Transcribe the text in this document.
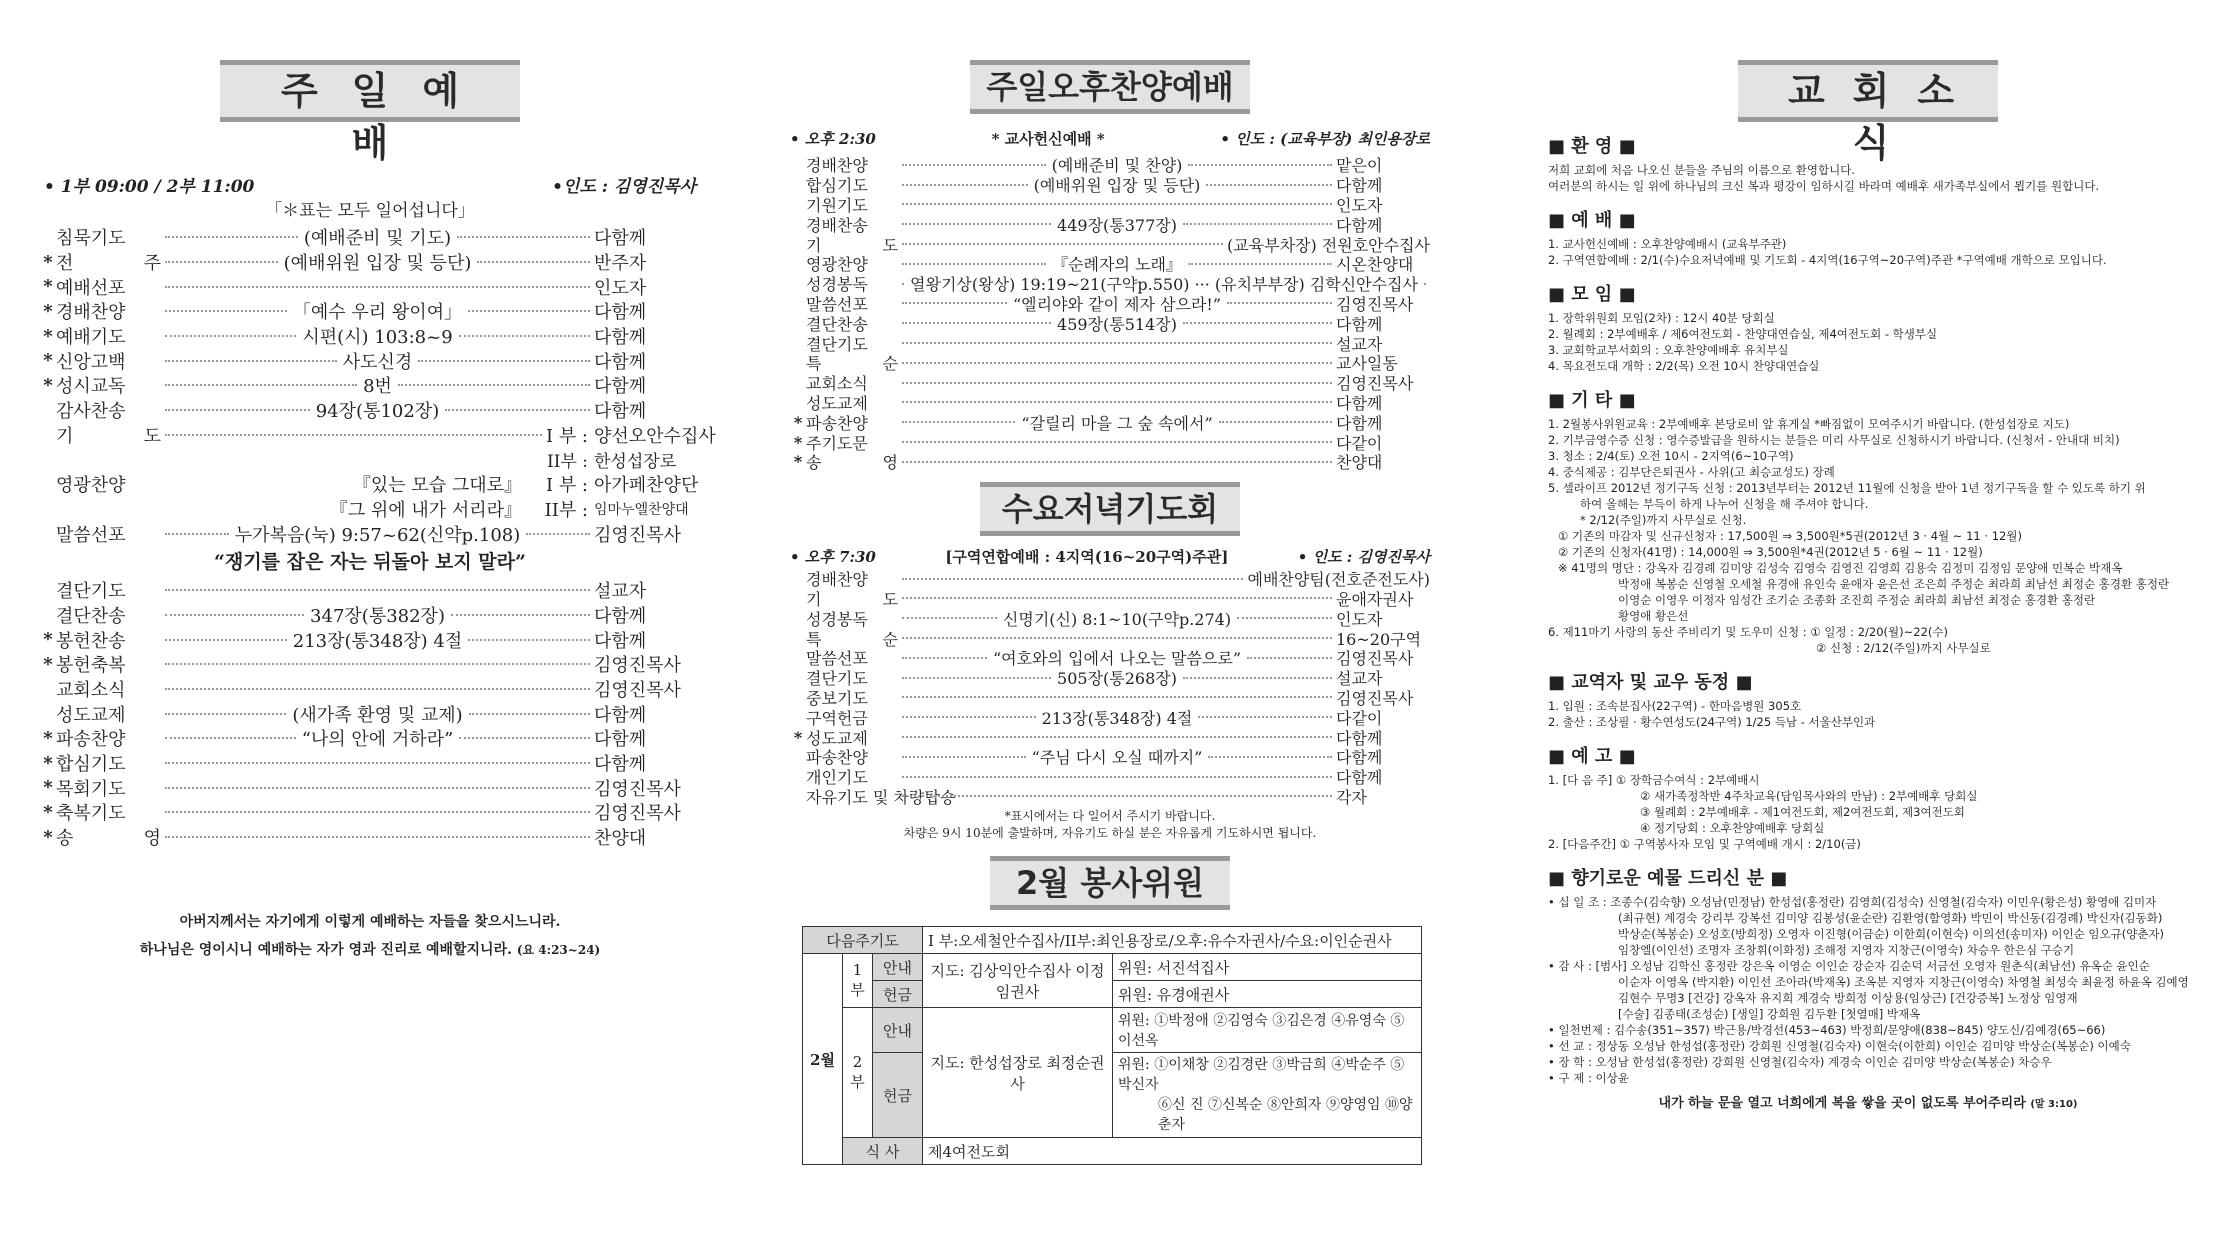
주일예배
• 1부 09:00 / 2부 11:00	•인도 : 김영진목사
「＊표는 모두 일어섭니다」
침묵기도	(예배준비 및 기도)	다함께
* 전 주	(예배위원 입장 및 등단)	반주자
* 예배선포	인도자
* 경배찬양	「예수 우리 왕이여」	다함께
* 예배기도	시편(시) 103:8~9	다함께
* 신앙고백	사도신경	다함께
* 성시교독	8번	다함께
감사찬송	94장(통102장)	다함께
기 도	I 부 : 양선오안수집사
II부 : 한성섭장로
영광찬양	『있는 모습 그대로』	I 부 : 아가페찬양단
『그 위에 내가 서리라』	II부 : 임마누엘찬양대
말씀선포	누가복음(눅) 9:57~62(신약p.108)	김영진목사
“쟁기를 잡은 자는 뒤돌아 보지 말라”
결단기도	설교자
결단찬송	347장(통382장)	다함께
* 봉헌찬송	213장(통348장) 4절	다함께
* 봉헌축복	김영진목사
교회소식	김영진목사
성도교제	(새가족 환영 및 교제)	다함께
* 파송찬양	“나의 안에 거하라”	다함께
* 합심기도	다함께
* 목회기도	김영진목사
* 축복기도	김영진목사
* 송 영	찬양대
아버지께서는 자기에게 이렇게 예배하는 자들을 찾으시느니라.
하나님은 영이시니 예배하는 자가 영과 진리로 예배할지니라. (요 4:23~24)
주일오후찬양예배
• 오후 2:30	* 교사헌신예배 *	• 인도 : (교육부장) 최인용장로
경배찬양	(예배준비 및 찬양)	맡은이
합심기도	(예배위원 입장 및 등단)	다함께
기원기도	인도자
경배찬송	449장(통377장)	다함께
기 도	(교육부차장) 전원호안수집사
영광찬양	『순례자의 노래』	시온찬양대
성경봉독	열왕기상(왕상) 19:19~21(구약p.550) ··· (유치부부장) 김학신안수집사
말씀선포	“엘리야와 같이 제자 삼으라!”	김영진목사
결단찬송	459장(통514장)	다함께
결단기도	설교자
특 순	교사일동
교회소식	김영진목사
성도교제	다함께
* 파송찬양	“갈릴리 마을 그 숲 속에서”	다함께
* 주기도문	다같이
* 송 영	찬양대
수요저녁기도회
• 오후 7:30	[구역연합예배 : 4지역(16~20구역)주관]	• 인도 : 김영진목사
경배찬양	예배찬양팀(전호준전도사)
기 도	윤애자권사
성경봉독	신명기(신) 8:1~10(구약p.274)	인도자
특 순	16~20구역
말씀선포	“여호와의 입에서 나오는 말씀으로”	김영진목사
결단기도	505장(통268장)	설교자
중보기도	김영진목사
구역헌금	213장(통348장) 4절	다같이
* 성도교제	다함께
파송찬양	“주님 다시 오실 때까지”	다함께
개인기도	다함께
자유기도 및 차량탑승	각자
*표시에서는 다 일어서 주시기 바랍니다.
차량은 9시 10분에 출발하며, 자유기도 하실 분은 자유롭게 기도하시면 됩니다.
2월 봉사위원
다음주기도			I 부:오세철안수집사/II부:최인용장로/오후:유수자권사/수요:이인순권사	
2월	1부	안내	지도: 김상익안수집사 이정임권사	위원: 서진석집사
		헌금		위원: 유경애권사
	2부	안내	지도: 한성섭장로 최정순권사	위원: ①박정애 ②김영숙 ③김은경 ④유영숙 ⑤이선옥
		헌금		위원: ①이채창 ②김경란 ③박금희 ④박순주 ⑤박신자
⑥신 진 ⑦신복순 ⑧안희자 ⑨양영임 ⑩양춘자

	식 사		제4여전도회	
교회소식
■ 환 영 ■
저희 교회에 처음 나오신 분들을 주님의 이름으로 환영합니다.
여러분의 하시는 일 위에 하나님의 크신 복과 평강이 임하시길 바라며 예배후 새가족부실에서 뵙기를 원합니다.
■ 예 배 ■
1. 교사헌신예배 : 오후찬양예배시 (교육부주관)
2. 구역연합예배 : 2/1(수)수요저녁예배 및 기도회 - 4지역(16구역~20구역)주관 *구역예배 개학으로 모입니다.
■ 모 임 ■
1. 장학위원회 모임(2차) : 12시 40분 당회실
2. 월례회 : 2부예배후 / 제6여전도회 - 찬양대연습실, 제4여전도회 - 학생부실
3. 교회학교부서회의 : 오후찬양예배후 유치부실
4. 목요전도대 개학 : 2/2(목) 오전 10시 찬양대연습실
■ 기 타 ■
1. 2월봉사위원교육 : 2부예배후 본당로비 앞 휴게실 *빠짐없이 모여주시기 바랍니다. (한성섭장로 지도)
2. 기부금영수증 신청 : 영수증발급을 원하시는 분들은 미리 사무실로 신청하시기 바랍니다. (신청서 - 안내대 비치)
3. 청소 : 2/4(토) 오전 10시 - 2지역(6~10구역)
4. 중식제공 : 김부단은퇴권사 - 사위(고 최승교성도) 장례
5. 셀라이프 2012년 정기구독 신청 : 2013년부터는 2012년 11월에 신청을 받아 1년 정기구독을 할 수 있도록 하기 위
하여 올해는 부득이 하게 나누어 신청을 해 주셔야 합니다.
* 2/12(주일)까지 사무실로 신청.
① 기존의 마감자 및 신규신청자 : 17,500원 ⇒ 3,500원*5권(2012년 3 · 4월 ~ 11 · 12월)
② 기존의 신청자(41명) : 14,000원 ⇒ 3,500원*4권(2012년 5 · 6월 ~ 11 · 12월)
※ 41명의 명단 : 강옥자 김경례 김미양 김성숙 김영숙 김영진 김영희 김용숙 김정미 김정임 문양애 민복순 박재옥
박정애 복봉순 신영철 오세철 유경애 유인숙 윤애자 윤은선 조은희 주정순 최라희 최남선 최정순 홍경환 홍정란
이영순 이영우 이정자 임성간 조기순 조종화 조진희 주정순 최라희 최남선 최정순 홍경환 홍정란
황영애 황은선
6. 제11마기 사랑의 동산 주비리기 및 도우미 신청 : ① 일정 : 2/20(월)~22(수)
② 신청 : 2/12(주일)까지 사무실로
■ 교역자 및 교우 동정 ■
1. 입원 : 조속분집사(22구역) - 한마음병원 305호
2. 출산 : 조상필 · 황수연성도(24구역) 1/25 득남 - 서울산부인과
■ 예 고 ■
1. [다 음 주] ① 장학금수여식 : 2부예배시
② 새가족정착반 4주차교육(담임목사와의 만남) : 2부예배후 당회실
③ 월례회 : 2부예배후 - 제1여전도회, 제2여전도회, 제3여전도회
④ 정기당회 : 오후찬양예배후 당회실
2. [다음주간] ① 구역봉사자 모임 및 구역예배 개시 : 2/10(금)
■ 향기로운 예물 드리신 분 ■
• 십 일 조 : 조종수(김숙향) 오성남(민정남) 한성섭(홍정란) 김영희(김성숙) 신영철(김숙자) 이민우(황은성) 황영애 김미자
(최규현) 계경숙 강리부 강복선 김미양 김봉성(윤순란) 김환영(함영화) 박민이 박신동(김경례) 박신자(김동화)
박상순(복봉순) 오성호(방희정) 오영자 이진형(이금순) 이한희(이현숙) 이의선(송미자) 이인순 임오규(양춘자)
임창엘(이인선) 조명자 조창휘(이화정) 조해정 지영자 지창근(이영숙) 차승우 한은심 구승기
• 감 사 : [범사] 오성남 김학신 홍정란 강은옥 이영순 이인순 강순자 김순덕 서금선 오영자 원춘식(최남선) 유옥순 윤인순
이순자 이영옥 (박지환) 이인선 조아라(박재옥) 조옥분 지영자 지창근(이영숙) 차영철 최성숙 최윤정 하윤옥 김예영
김현수 무명3 [건강] 강옥자 유지희 계경숙 방희정 이상용(임상근) [건강증복] 노정상 임영재
[수술] 김종태(조성순) [생일] 강희원 김두환 [첫열매] 박재옥
• 일천번제 : 김수송(351~357) 박근용/박경선(453~463) 박정희/문양애(838~845) 양도신/김예경(65~66)
• 선 교 : 정상동 오성남 한성섭(홍정란) 강희원 신영철(김숙자) 이현숙(이한희) 이인순 김미양 박상순(복봉순) 이예숙
• 장 학 : 오성남 한성섭(홍정란) 강희원 신영철(김숙자) 계경숙 이인순 김미양 박상순(복봉순) 차승우
• 구 제 : 이상윤
내가 하늘 문을 열고 너희에게 복을 쌓을 곳이 없도록 부어주리라 (말 3:10)
